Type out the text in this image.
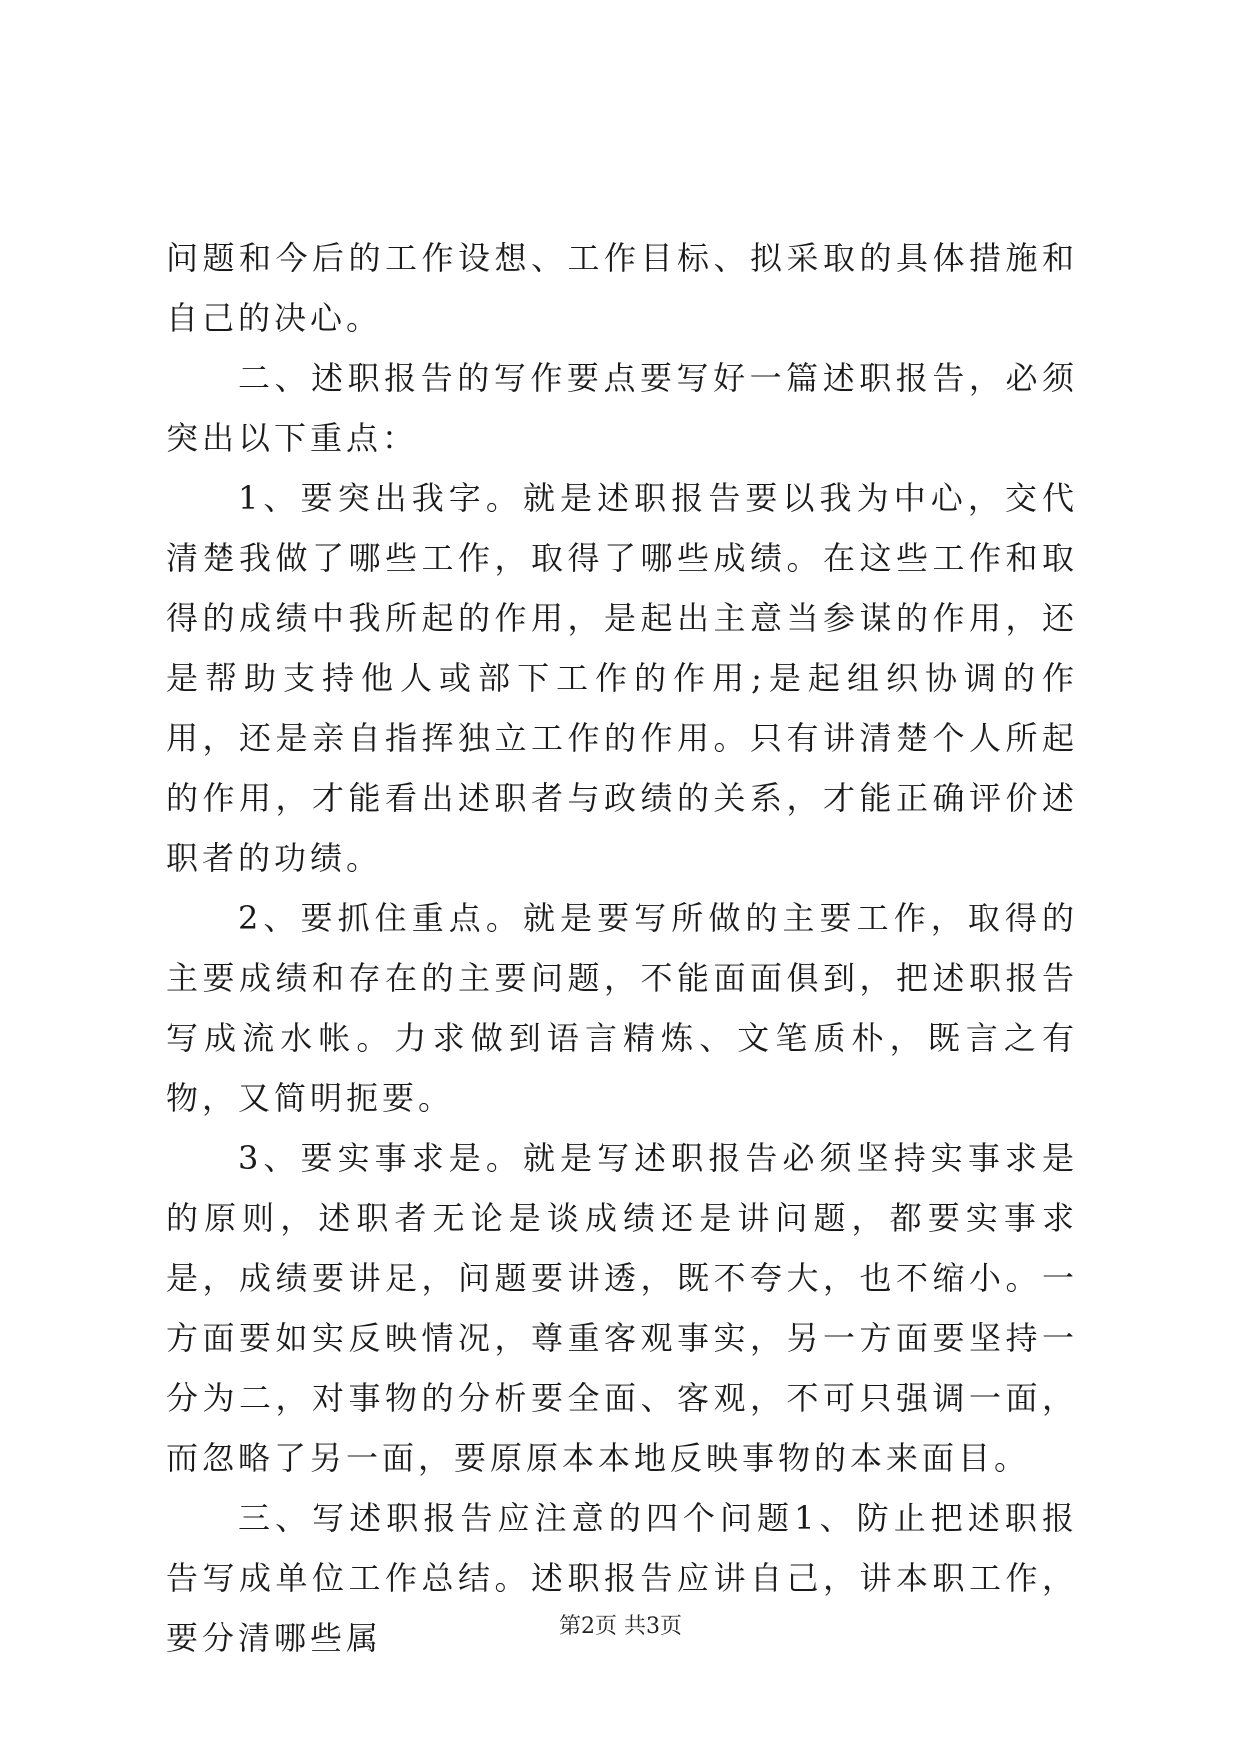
问题和今后的工作设想、工作目标、拟采取的具体措施和自己的决心。

二、述职报告的写作要点要写好一篇述职报告，必须突出以下重点：

1、要突出我字。就是述职报告要以我为中心，交代清楚我做了哪些工作，取得了哪些成绩。在这些工作和取得的成绩中我所起的作用，是起出主意当参谋的作用，还是帮助支持他人或部下工作的作用;是起组织协调的作用，还是亲自指挥独立工作的作用。只有讲清楚个人所起的作用，才能看出述职者与政绩的关系，才能正确评价述职者的功绩。

2、要抓住重点。就是要写所做的主要工作，取得的主要成绩和存在的主要问题，不能面面俱到，把述职报告写成流水帐。力求做到语言精炼、文笔质朴，既言之有物，又简明扼要。

3、要实事求是。就是写述职报告必须坚持实事求是的原则，述职者无论是谈成绩还是讲问题，都要实事求是，成绩要讲足，问题要讲透，既不夸大，也不缩小。一方面要如实反映情况，尊重客观事实，另一方面要坚持一分为二，对事物的分析要全面、客观，不可只强调一面，而忽略了另一面，要原原本本地反映事物的本来面目。

三、写述职报告应注意的四个问题1、防止把述职报告写成单位工作总结。述职报告应讲自己，讲本职工作，要分清哪些属	第2页 共3页
